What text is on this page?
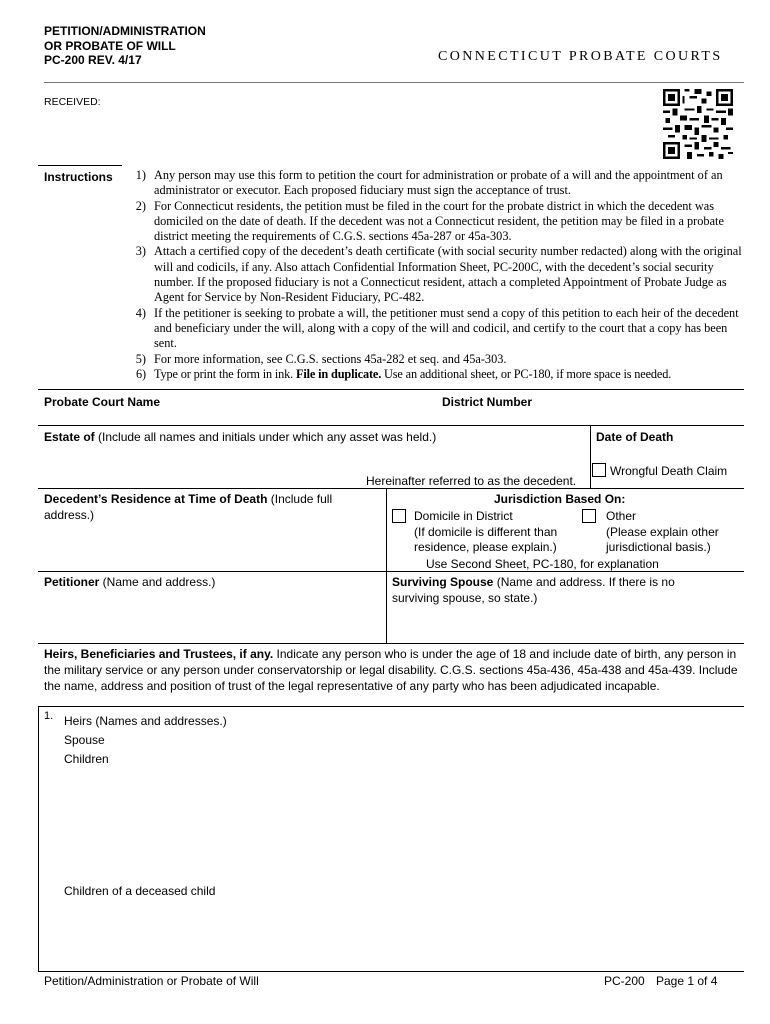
PETITION/ADMINISTRATION
OR PROBATE OF WILL
PC-200 REV. 4/17	CONNECTICUT PROBATE COURTS
RECEIVED:
Instructions	1) Any person may use this form to petition the court for administration or probate of a will and the appointment of an administrator or executor. Each proposed fiduciary must sign the acceptance of trust.
2) For Connecticut residents, the petition must be filed in the court for the probate district in which the decedent was domiciled on the date of death. If the decedent was not a Connecticut resident, the petition may be filed in a probate district meeting the requirements of C.G.S. sections 45a-287 or 45a-303.
3) Attach a certified copy of the decedent’s death certificate (with social security number redacted) along with the original will and codicils, if any. Also attach Confidential Information Sheet, PC-200C, with the decedent’s social security number. If the proposed fiduciary is not a Connecticut resident, attach a completed Appointment of Probate Judge as Agent for Service by Non-Resident Fiduciary, PC-482.
4) If the petitioner is seeking to probate a will, the petitioner must send a copy of this petition to each heir of the decedent and beneficiary under the will, along with a copy of the will and codicil, and certify to the court that a copy has been sent.
5) For more information, see C.G.S. sections 45a-282 et seq. and 45a-303.
6) Type or print the form in ink. File in duplicate. Use an additional sheet, or PC-180, if more space is needed.
Probate Court Name	District Number
Estate of (Include all names and initials under which any asset was held.)
Hereinafter referred to as the decedent.
Date of Death
Wrongful Death Claim
Decedent’s Residence at Time of Death (Include full
address.)
Jurisdiction Based On:
Domicile in District
(If domicile is different than
residence, please explain.)
Other
(Please explain other
jurisdictional basis.)
Use Second Sheet, PC-180, for explanation
Petitioner (Name and address.)	Surviving Spouse (Name and address. If there is no
surviving spouse, so state.)
Heirs, Beneficiaries and Trustees, if any. Indicate any person who is under the age of 18 and include date of birth, any person in the military service or any person under conservatorship or legal disability. C.G.S. sections 45a-436, 45a-438 and 45a-439. Include the name, address and position of trust of the legal representative of any party who has been adjudicated incapable.
1. Heirs (Names and addresses.)
Spouse
Children
Children of a deceased child
Petition/Administration or Probate of Will	PC-200 Page 1 of 4
